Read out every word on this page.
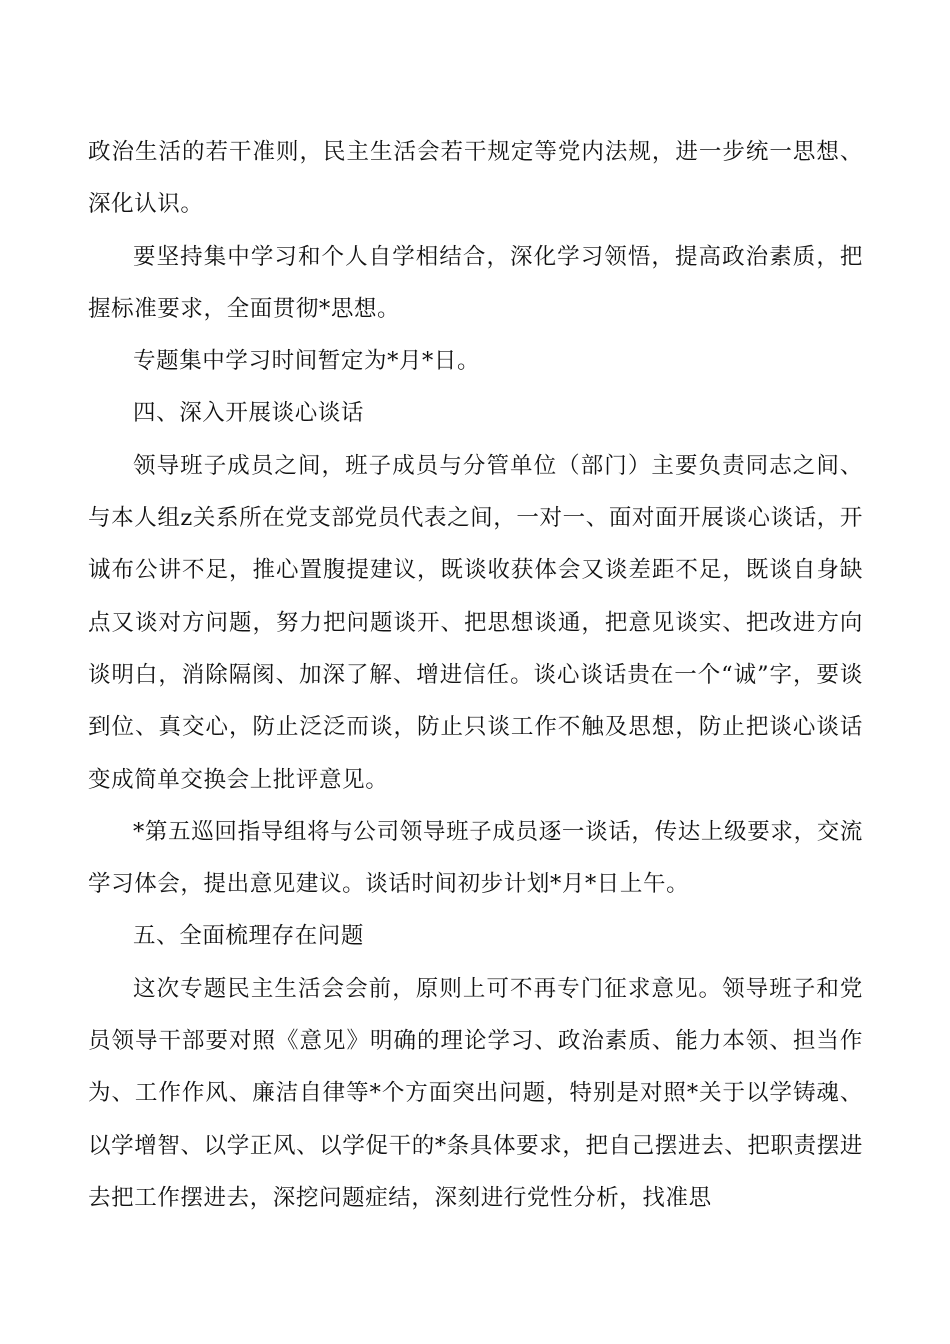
政治生活的若干准则，民主生活会若干规定等党内法规，进一步统一思想、深化认识。

要坚持集中学习和个人自学相结合，深化学习领悟，提高政治素质，把握标准要求，全面贯彻*思想。

专题集中学习时间暂定为*月*日。

四、深入开展谈心谈话

领导班子成员之间，班子成员与分管单位（部门）主要负责同志之间、与本人组z关系所在党支部党员代表之间，一对一、面对面开展谈心谈话，开诚布公讲不足，推心置腹提建议，既谈收获体会又谈差距不足，既谈自身缺点又谈对方问题，努力把问题谈开、把思想谈通，把意见谈实、把改进方向谈明白，消除隔阂、加深了解、增进信任。谈心谈话贵在一个“诚”字，要谈到位、真交心，防止泛泛而谈，防止只谈工作不触及思想，防止把谈心谈话变成简单交换会上批评意见。

*第五巡回指导组将与公司领导班子成员逐一谈话，传达上级要求，交流学习体会，提出意见建议。谈话时间初步计划*月*日上午。

五、全面梳理存在问题

这次专题民主生活会会前，原则上可不再专门征求意见。领导班子和党员领导干部要对照《意见》明确的理论学习、政治素质、能力本领、担当作为、工作作风、廉洁自律等*个方面突出问题，特别是对照*关于以学铸魂、以学增智、以学正风、以学促干的*条具体要求，把自己摆进去、把职责摆进去把工作摆进去，深挖问题症结，深刻进行党性分析，找准思
